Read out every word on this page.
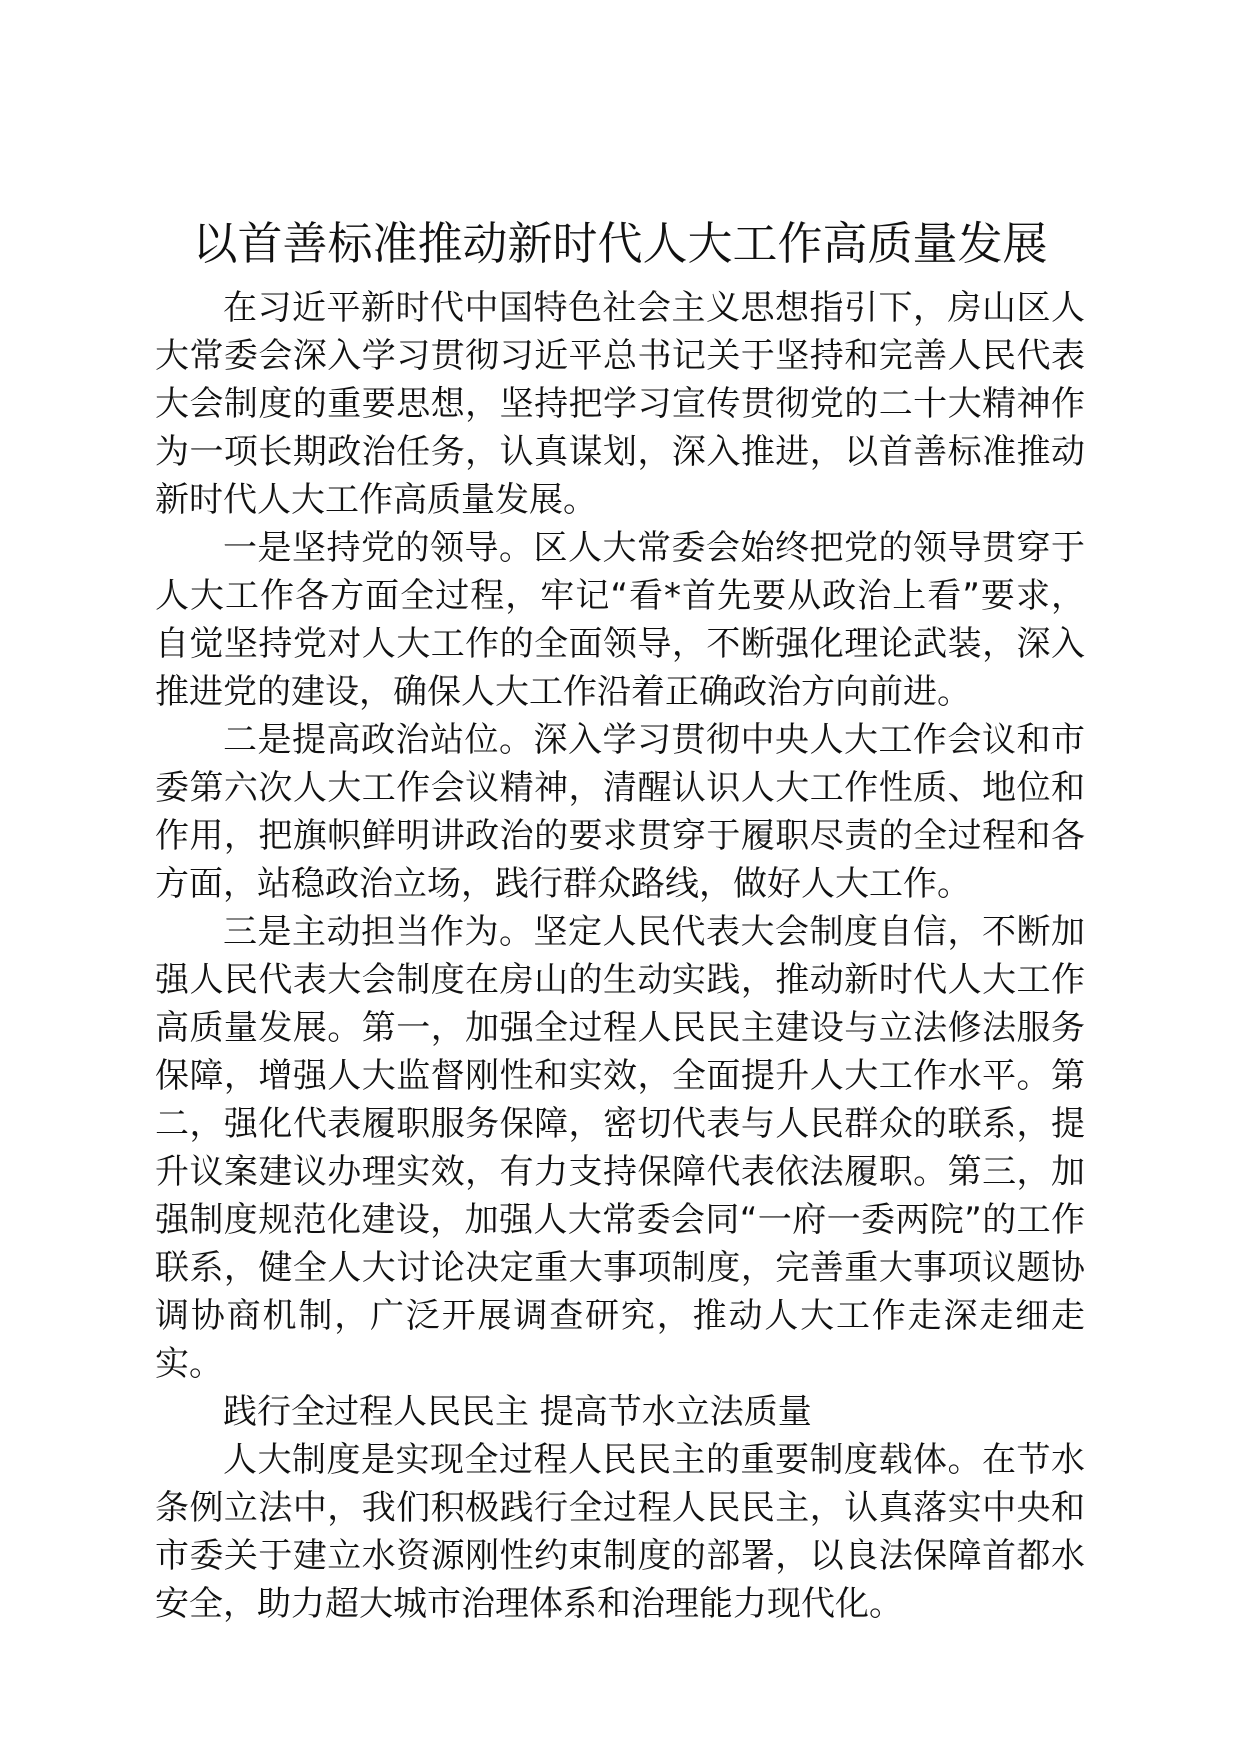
以首善标准推动新时代人大工作高质量发展

在习近平新时代中国特色社会主义思想指引下，房山区人大常委会深入学习贯彻习近平总书记关于坚持和完善人民代表大会制度的重要思想，坚持把学习宣传贯彻党的二十大精神作为一项长期政治任务，认真谋划，深入推进，以首善标准推动新时代人大工作高质量发展。

一是坚持党的领导。区人大常委会始终把党的领导贯穿于人大工作各方面全过程，牢记“看*首先要从政治上看”要求，自觉坚持党对人大工作的全面领导，不断强化理论武装，深入推进党的建设，确保人大工作沿着正确政治方向前进。

二是提高政治站位。深入学习贯彻中央人大工作会议和市委第六次人大工作会议精神，清醒认识人大工作性质、地位和作用，把旗帜鲜明讲政治的要求贯穿于履职尽责的全过程和各方面，站稳政治立场，践行群众路线，做好人大工作。

三是主动担当作为。坚定人民代表大会制度自信，不断加强人民代表大会制度在房山的生动实践，推动新时代人大工作高质量发展。第一，加强全过程人民民主建设与立法修法服务保障，增强人大监督刚性和实效，全面提升人大工作水平。第二，强化代表履职服务保障，密切代表与人民群众的联系，提升议案建议办理实效，有力支持保障代表依法履职。第三，加强制度规范化建设，加强人大常委会同“一府一委两院”的工作联系，健全人大讨论决定重大事项制度，完善重大事项议题协调协商机制，广泛开展调查研究，推动人大工作走深走细走实。

践行全过程人民民主 提高节水立法质量

人大制度是实现全过程人民民主的重要制度载体。在节水条例立法中，我们积极践行全过程人民民主，认真落实中央和市委关于建立水资源刚性约束制度的部署，以良法保障首都水安全，助力超大城市治理体系和治理能力现代化。
